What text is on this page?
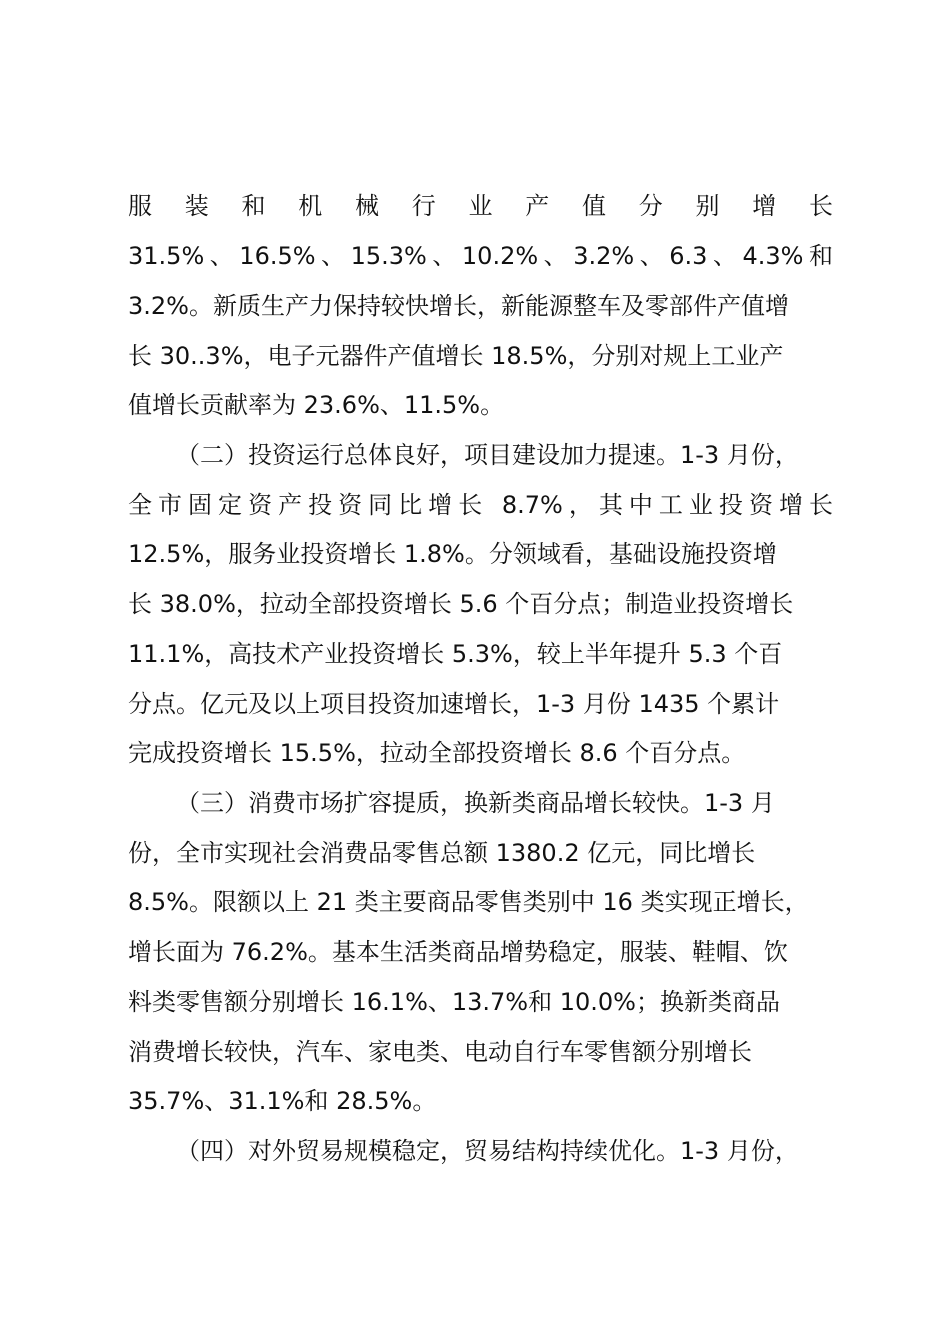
服 装 和 机 械 行 业 产 值 分 别 增 长
31.5%、16.5%、15.3%、10.2%、3.2%、6.3、4.3%和
3.2%。新质生产力保持较快增长，新能源整车及零部件产值增
长 30..3%，电子元器件产值增长 18.5%，分别对规上工业产
值增长贡献率为 23.6%、11.5%。
（二）投资运行总体良好，项目建设加力提速。1-3 月份，
全市固定资产投资同比增长 8.7%，其中工业投资增长
12.5%，服务业投资增长 1.8%。分领域看，基础设施投资增
长 38.0%，拉动全部投资增长 5.6 个百分点；制造业投资增长
11.1%，高技术产业投资增长 5.3%，较上半年提升 5.3 个百
分点。亿元及以上项目投资加速增长，1-3 月份 1435 个累计
完成投资增长 15.5%，拉动全部投资增长 8.6 个百分点。
（三）消费市场扩容提质，换新类商品增长较快。1-3 月
份，全市实现社会消费品零售总额 1380.2 亿元，同比增长
8.5%。限额以上 21 类主要商品零售类别中 16 类实现正增长，
增长面为 76.2%。基本生活类商品增势稳定，服装、鞋帽、饮
料类零售额分别增长 16.1%、13.7%和 10.0%；换新类商品
消费增长较快，汽车、家电类、电动自行车零售额分别增长
35.7%、31.1%和 28.5%。
（四）对外贸易规模稳定，贸易结构持续优化。1-3 月份，
